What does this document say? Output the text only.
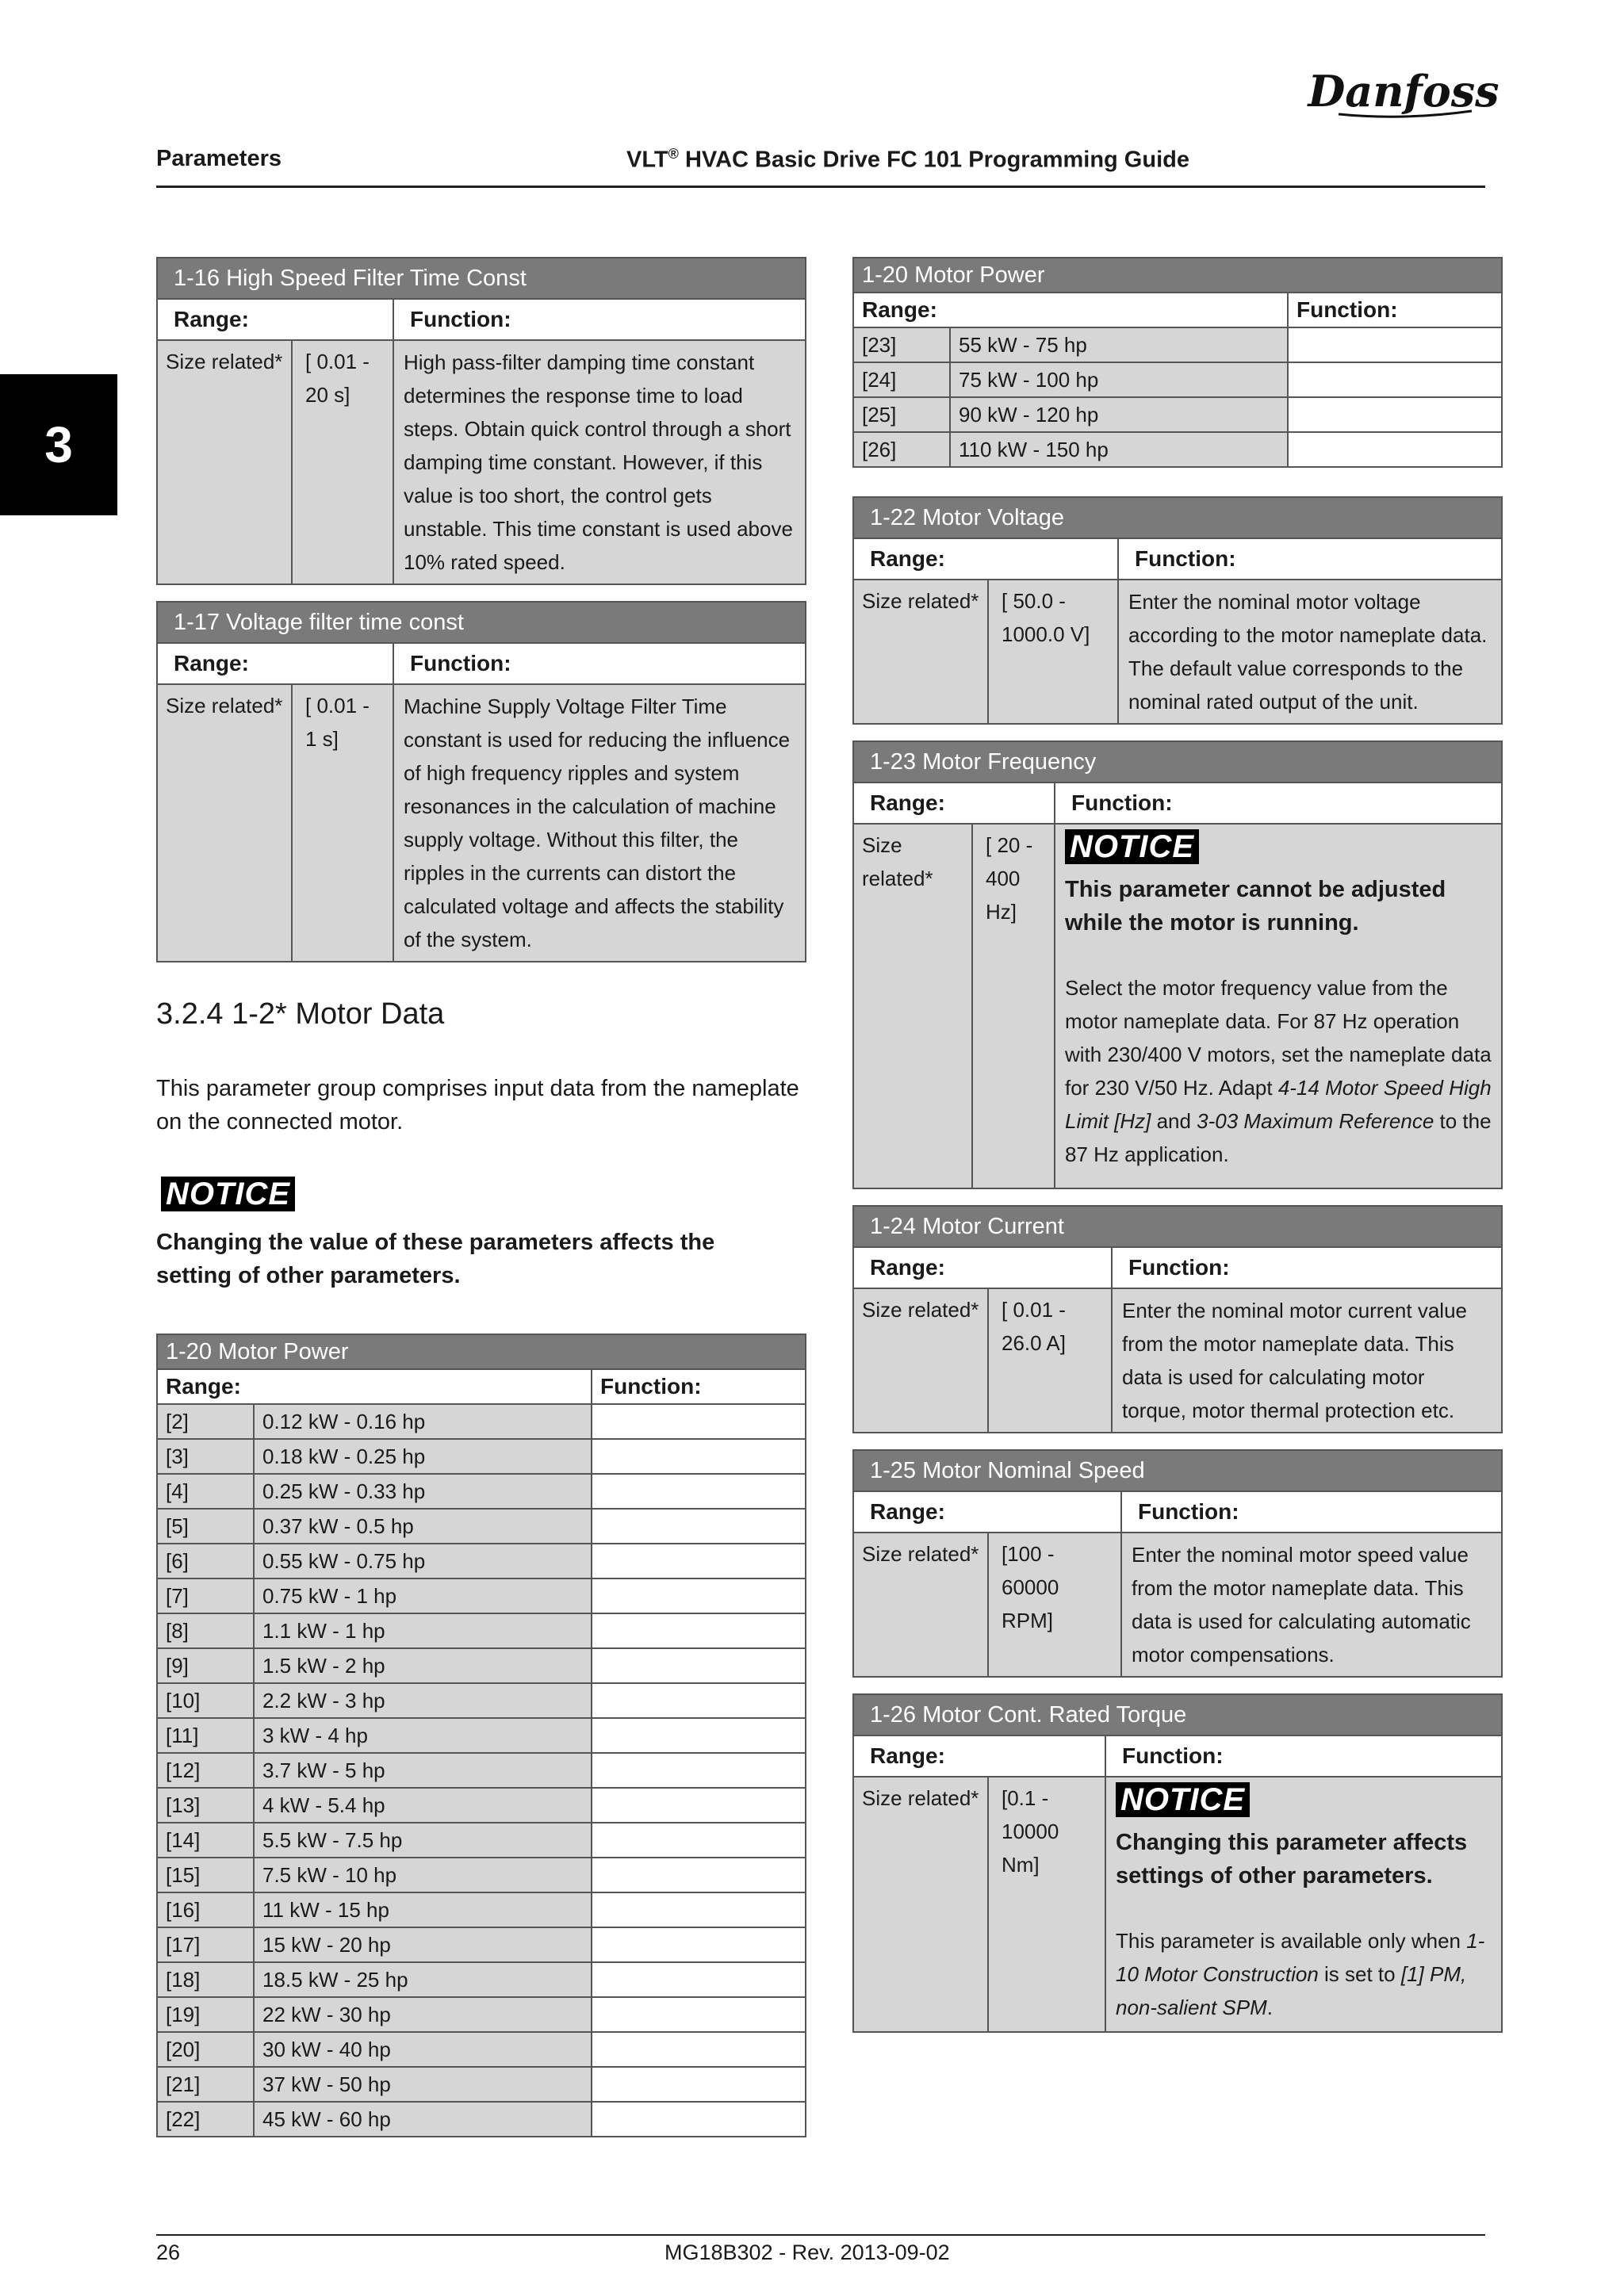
Danfoss
Parameters	VLT® HVAC Basic Drive FC 101 Programming Guide
3
1-16 High Speed Filter Time Const		
Range:		Function:
Size related*	[ 0.01 - 20 s]	High pass-filter damping time constant determines the response time to load steps. Obtain quick control through a short damping time constant. However, if this value is too short, the control gets unstable. This time constant is used above 10% rated speed.
1-17 Voltage filter time const		
Range:		Function:
Size related*	[ 0.01 - 1 s]	Machine Supply Voltage Filter Time constant is used for reducing the influence of high frequency ripples and system resonances in the calculation of machine supply voltage. Without this filter, the ripples in the currents can distort the calculated voltage and affects the stability of the system.
3.2.4 1-2* Motor Data
This parameter group comprises input data from the nameplate on the connected motor.
NOTICE
Changing the value of these parameters affects the setting of other parameters.
1-20 Motor Power		
Range:		Function:
[2]	0.12 kW - 0.16 hp	
[3]	0.18 kW - 0.25 hp	
[4]	0.25 kW - 0.33 hp	
[5]	0.37 kW - 0.5 hp	
[6]	0.55 kW - 0.75 hp	
[7]	0.75 kW - 1 hp	
[8]	1.1 kW - 1 hp	
[9]	1.5 kW - 2 hp	
[10]	2.2 kW - 3 hp	
[11]	3 kW - 4 hp	
[12]	3.7 kW - 5 hp	
[13]	4 kW - 5.4 hp	
[14]	5.5 kW - 7.5 hp	
[15]	7.5 kW - 10 hp	
[16]	11 kW - 15 hp	
[17]	15 kW - 20 hp	
[18]	18.5 kW - 25 hp	
[19]	22 kW - 30 hp	
[20]	30 kW - 40 hp	
[21]	37 kW - 50 hp	
[22]	45 kW - 60 hp	
1-20 Motor Power		
Range:		Function:
[23]	55 kW - 75 hp	
[24]	75 kW - 100 hp	
[25]	90 kW - 120 hp	
[26]	110 kW - 150 hp	
1-22 Motor Voltage		
Range:		Function:
Size related*	[ 50.0 - 1000.0 V]	Enter the nominal motor voltage according to the motor nameplate data. The default value corresponds to the nominal rated output of the unit.
1-23 Motor Frequency		
Range:		Function:
Size related*	[ 20 - 400 Hz]	NOTICE
This parameter cannot be adjusted while the motor is running.
Select the motor frequency value from the motor nameplate data. For 87 Hz operation with 230/400 V motors, set the nameplate data for 230 V/50 Hz. Adapt 4-14 Motor Speed High Limit [Hz] and 3-03 Maximum Reference to the 87 Hz application.
1-24 Motor Current		
Range:		Function:
Size related*	[ 0.01 - 26.0 A]	Enter the nominal motor current value from the motor nameplate data. This data is used for calculating motor torque, motor thermal protection etc.
1-25 Motor Nominal Speed		
Range:		Function:
Size related*	[100 - 60000 RPM]	Enter the nominal motor speed value from the motor nameplate data. This data is used for calculating automatic motor compensations.
1-26 Motor Cont. Rated Torque		
Range:		Function:
Size related*	[0.1 - 10000 Nm]	NOTICE
Changing this parameter affects settings of other parameters.
This parameter is available only when 1-10 Motor Construction is set to [1] PM, non-salient SPM.
26	MG18B302 - Rev. 2013-09-02
